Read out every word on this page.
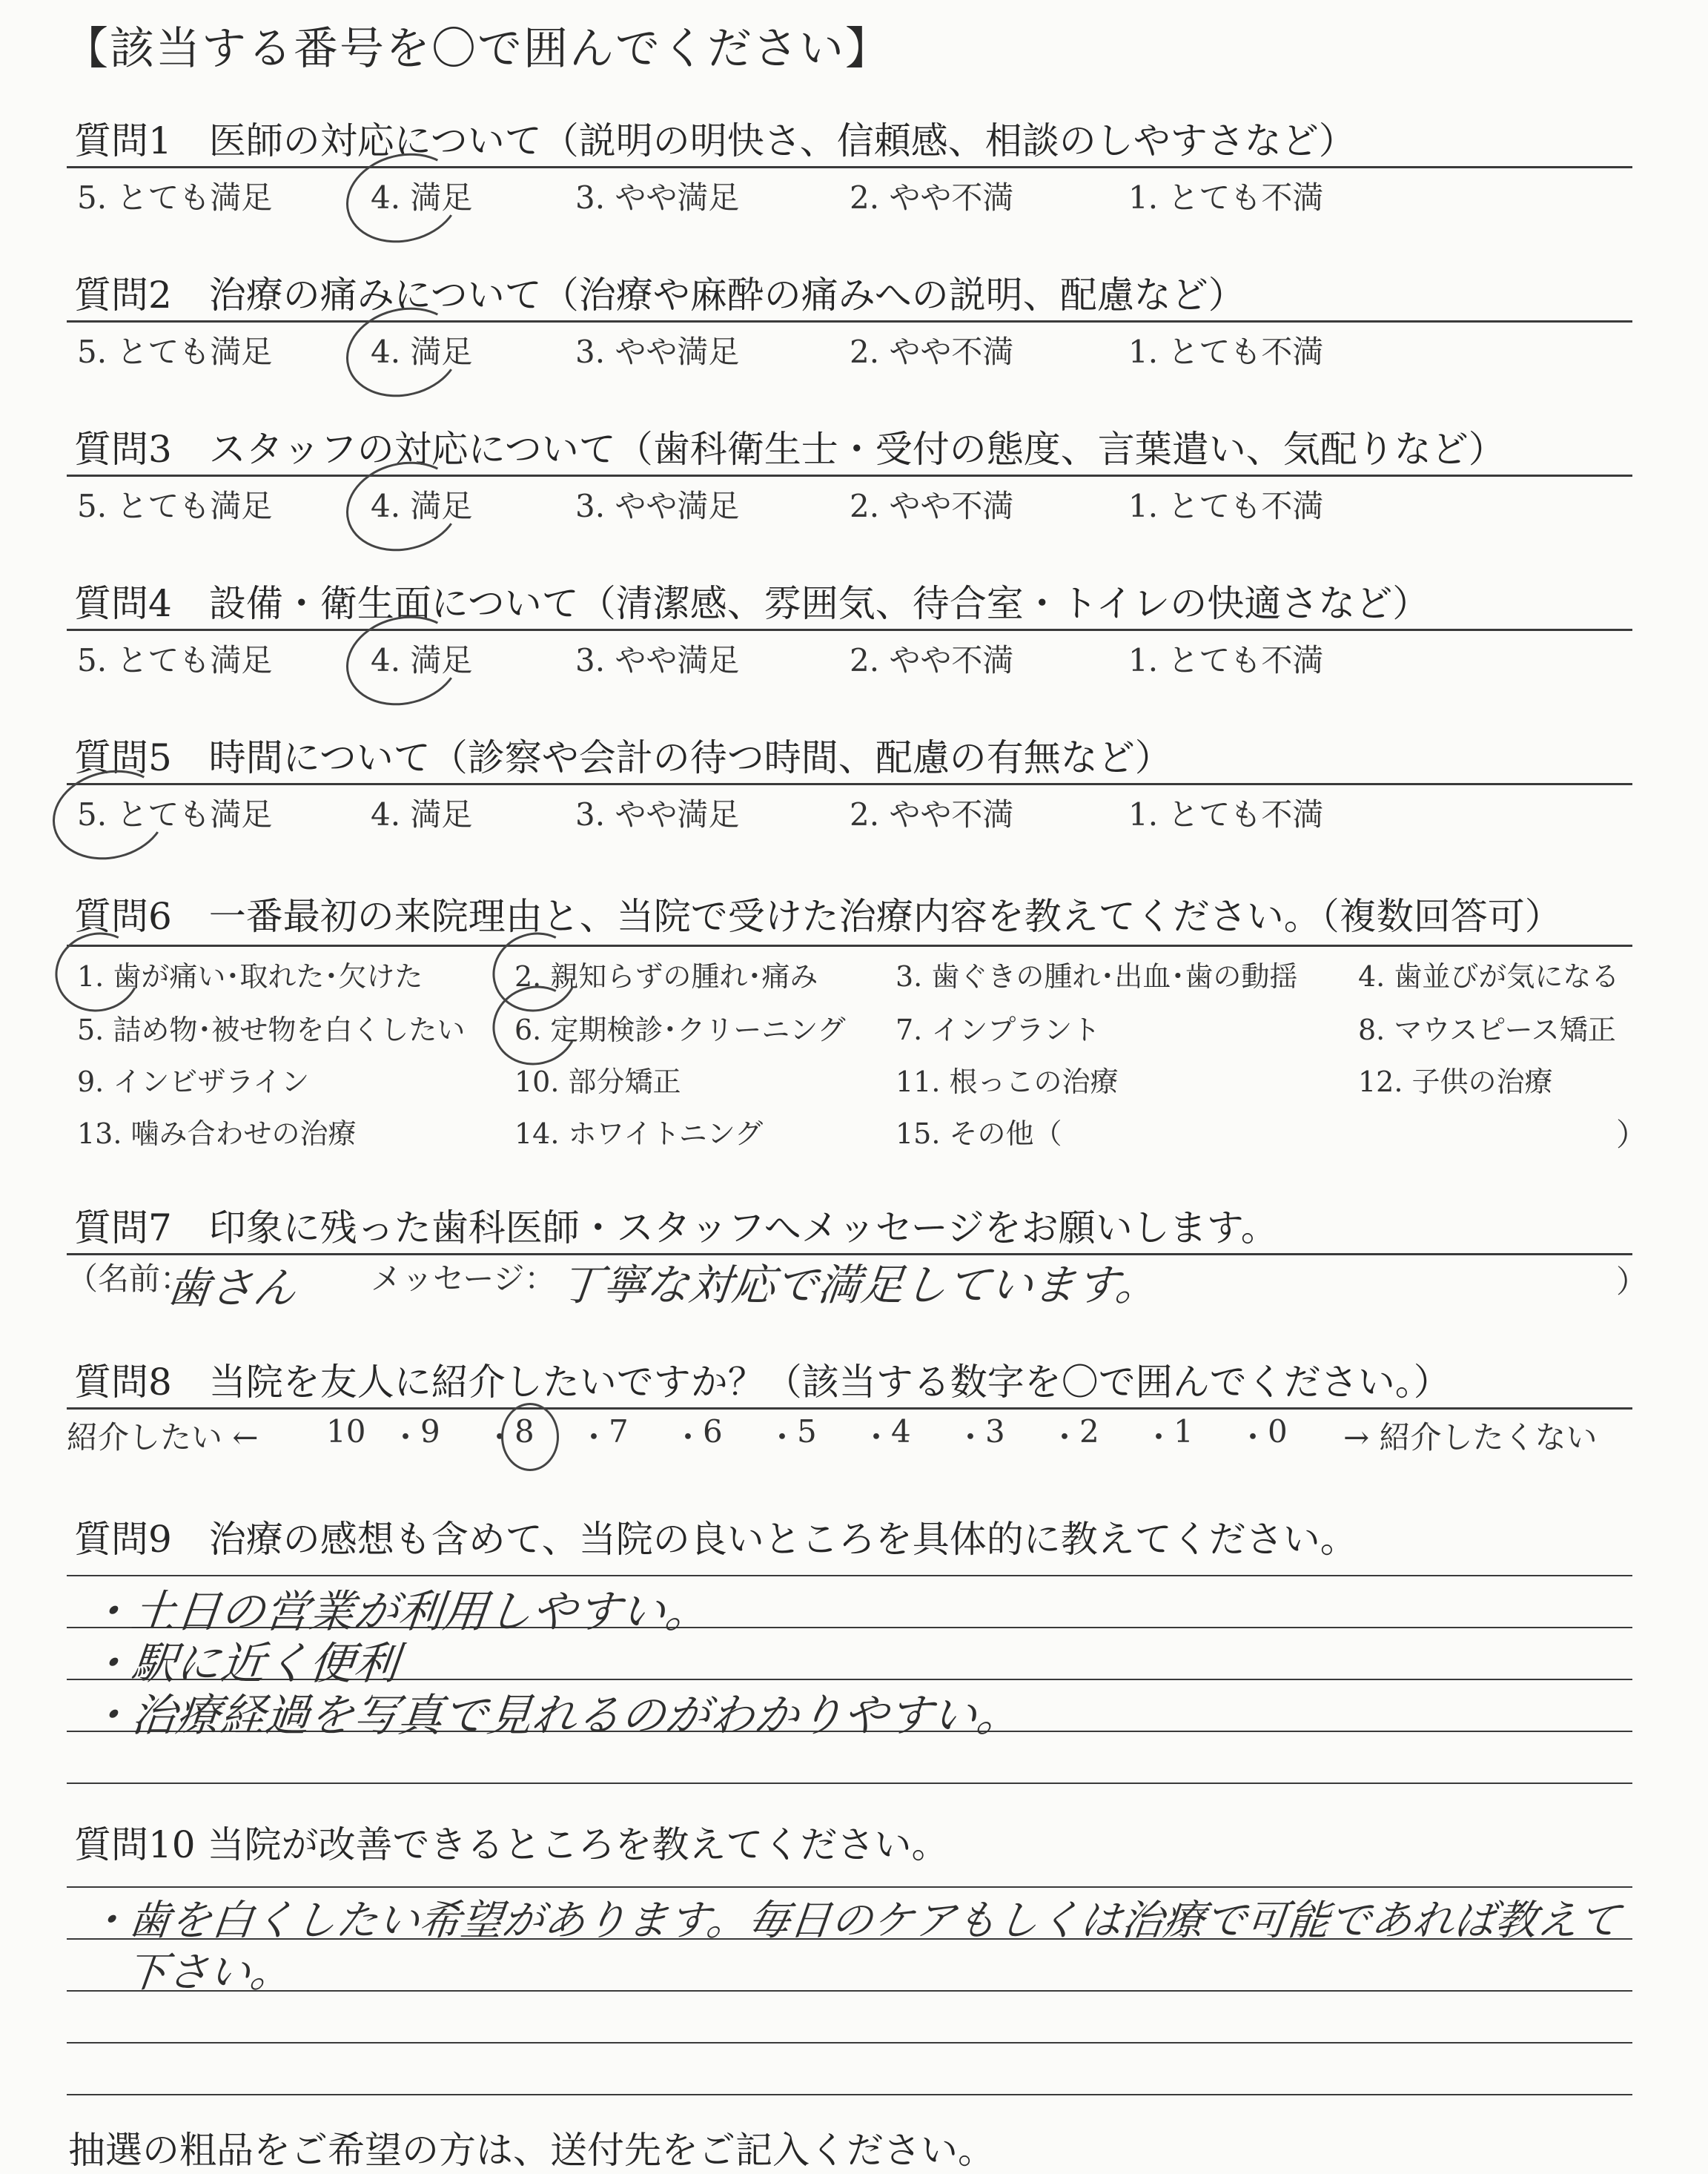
【該当する番号を〇で囲んでください】
質問1　医師の対応について（説明の明快さ、信頼感、相談のしやすさなど）
5. とても満足	4. 満足	3. やや満足	2. やや不満	1. とても不満
質問2　治療の痛みについて（治療や麻酔の痛みへの説明、配慮など）
5. とても満足	4. 満足	3. やや満足	2. やや不満	1. とても不満
質問3　スタッフの対応について（歯科衛生士・受付の態度、言葉遣い、気配りなど）
5. とても満足	4. 満足	3. やや満足	2. やや不満	1. とても不満
質問4　設備・衛生面について（清潔感、雰囲気、待合室・トイレの快適さなど）
5. とても満足	4. 満足	3. やや満足	2. やや不満	1. とても不満
質問5　時間について（診察や会計の待つ時間、配慮の有無など）
5. とても満足	4. 満足	3. やや満足	2. やや不満	1. とても不満
質問6　一番最初の来院理由と、当院で受けた治療内容を教えてください。（複数回答可）
1. 歯が痛い･取れた･欠けた	2. 親知らずの腫れ･痛み	3. 歯ぐきの腫れ･出血･歯の動揺 4. 歯並びが気になる
5. 詰め物･被せ物を白くしたい 6. 定期検診･クリーニング 7. インプラント	8. マウスピース矯正
9. インビザライン	10. 部分矯正	11. 根っこの治療	12. 子供の治療
13. 噛み合わせの治療	14. ホワイトニング	15. その他（	）
質問7　印象に残った歯科医師・スタッフへメッセージをお願いします。
（名前：
歯さん メッセージ： 丁寧な対応で満足しています。	）
質問8　当院を友人に紹介したいですか？（該当する数字を〇で囲んでください。）
紹介したい ← 10 ・
9 ・
8 ・
7 ・
6 ・
5 ・
4 ・
3 ・
2 ・
1 ・
0 → 紹介したくない
質問9　治療の感想も含めて、当院の良いところを具体的に教えてください。
・土日の営業が利用しやすい。
・駅に近く便利
・治療経過を写真で見れるのがわかりやすい。
質問10 当院が改善できるところを教えてください。
・歯を白くしたい希望があります。毎日のケアもしくは治療で可能であれば教えて
下さい。
抽選の粗品をご希望の方は、送付先をご記入ください。
